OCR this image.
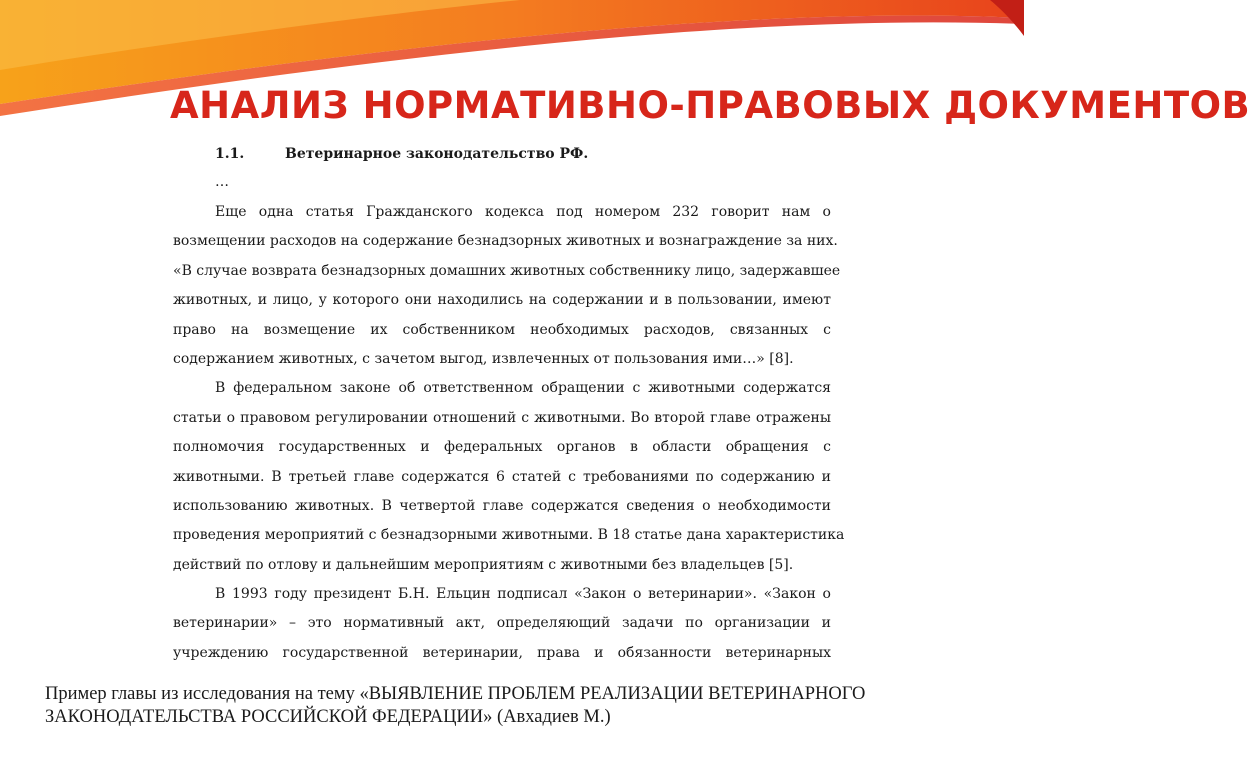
АНАЛИЗ НОРМАТИВНО-ПРАВОВЫХ ДОКУМЕНТОВ
1.1.	Ветеринарное законодательство РФ.
…
Еще одна статья Гражданского кодекса под номером 232 говорит нам о
возмещении расходов на содержание безнадзорных животных и вознаграждение за них.
«В случае возврата безнадзорных домашних животных собственнику лицо, задержавшее
животных, и лицо, у которого они находились на содержании и в пользовании, имеют
право на возмещение их собственником необходимых расходов, связанных с
содержанием животных, с зачетом выгод, извлеченных от пользования ими…» [8].
В федеральном законе об ответственном обращении с животными содержатся
статьи о правовом регулировании отношений с животными. Во второй главе отражены
полномочия государственных и федеральных органов в области обращения с
животными. В третьей главе содержатся 6 статей с требованиями по содержанию и
использованию животных. В четвертой главе содержатся сведения о необходимости
проведения мероприятий с безнадзорными животными. В 18 статье дана характеристика
действий по отлову и дальнейшим мероприятиям с животными без владельцев [5].
В 1993 году президент Б.Н. Ельцин подписал «Закон о ветеринарии». «Закон о
ветеринарии» – это нормативный акт, определяющий задачи по организации и
учреждению государственной ветеринарии, права и обязанности ветеринарных
Пример главы из исследования на тему «ВЫЯВЛЕНИЕ ПРОБЛЕМ РЕАЛИЗАЦИИ ВЕТЕРИНАРНОГО ЗАКОНОДАТЕЛЬСТВА РОССИЙСКОЙ ФЕДЕРАЦИИ» (Авхадиев М.)
